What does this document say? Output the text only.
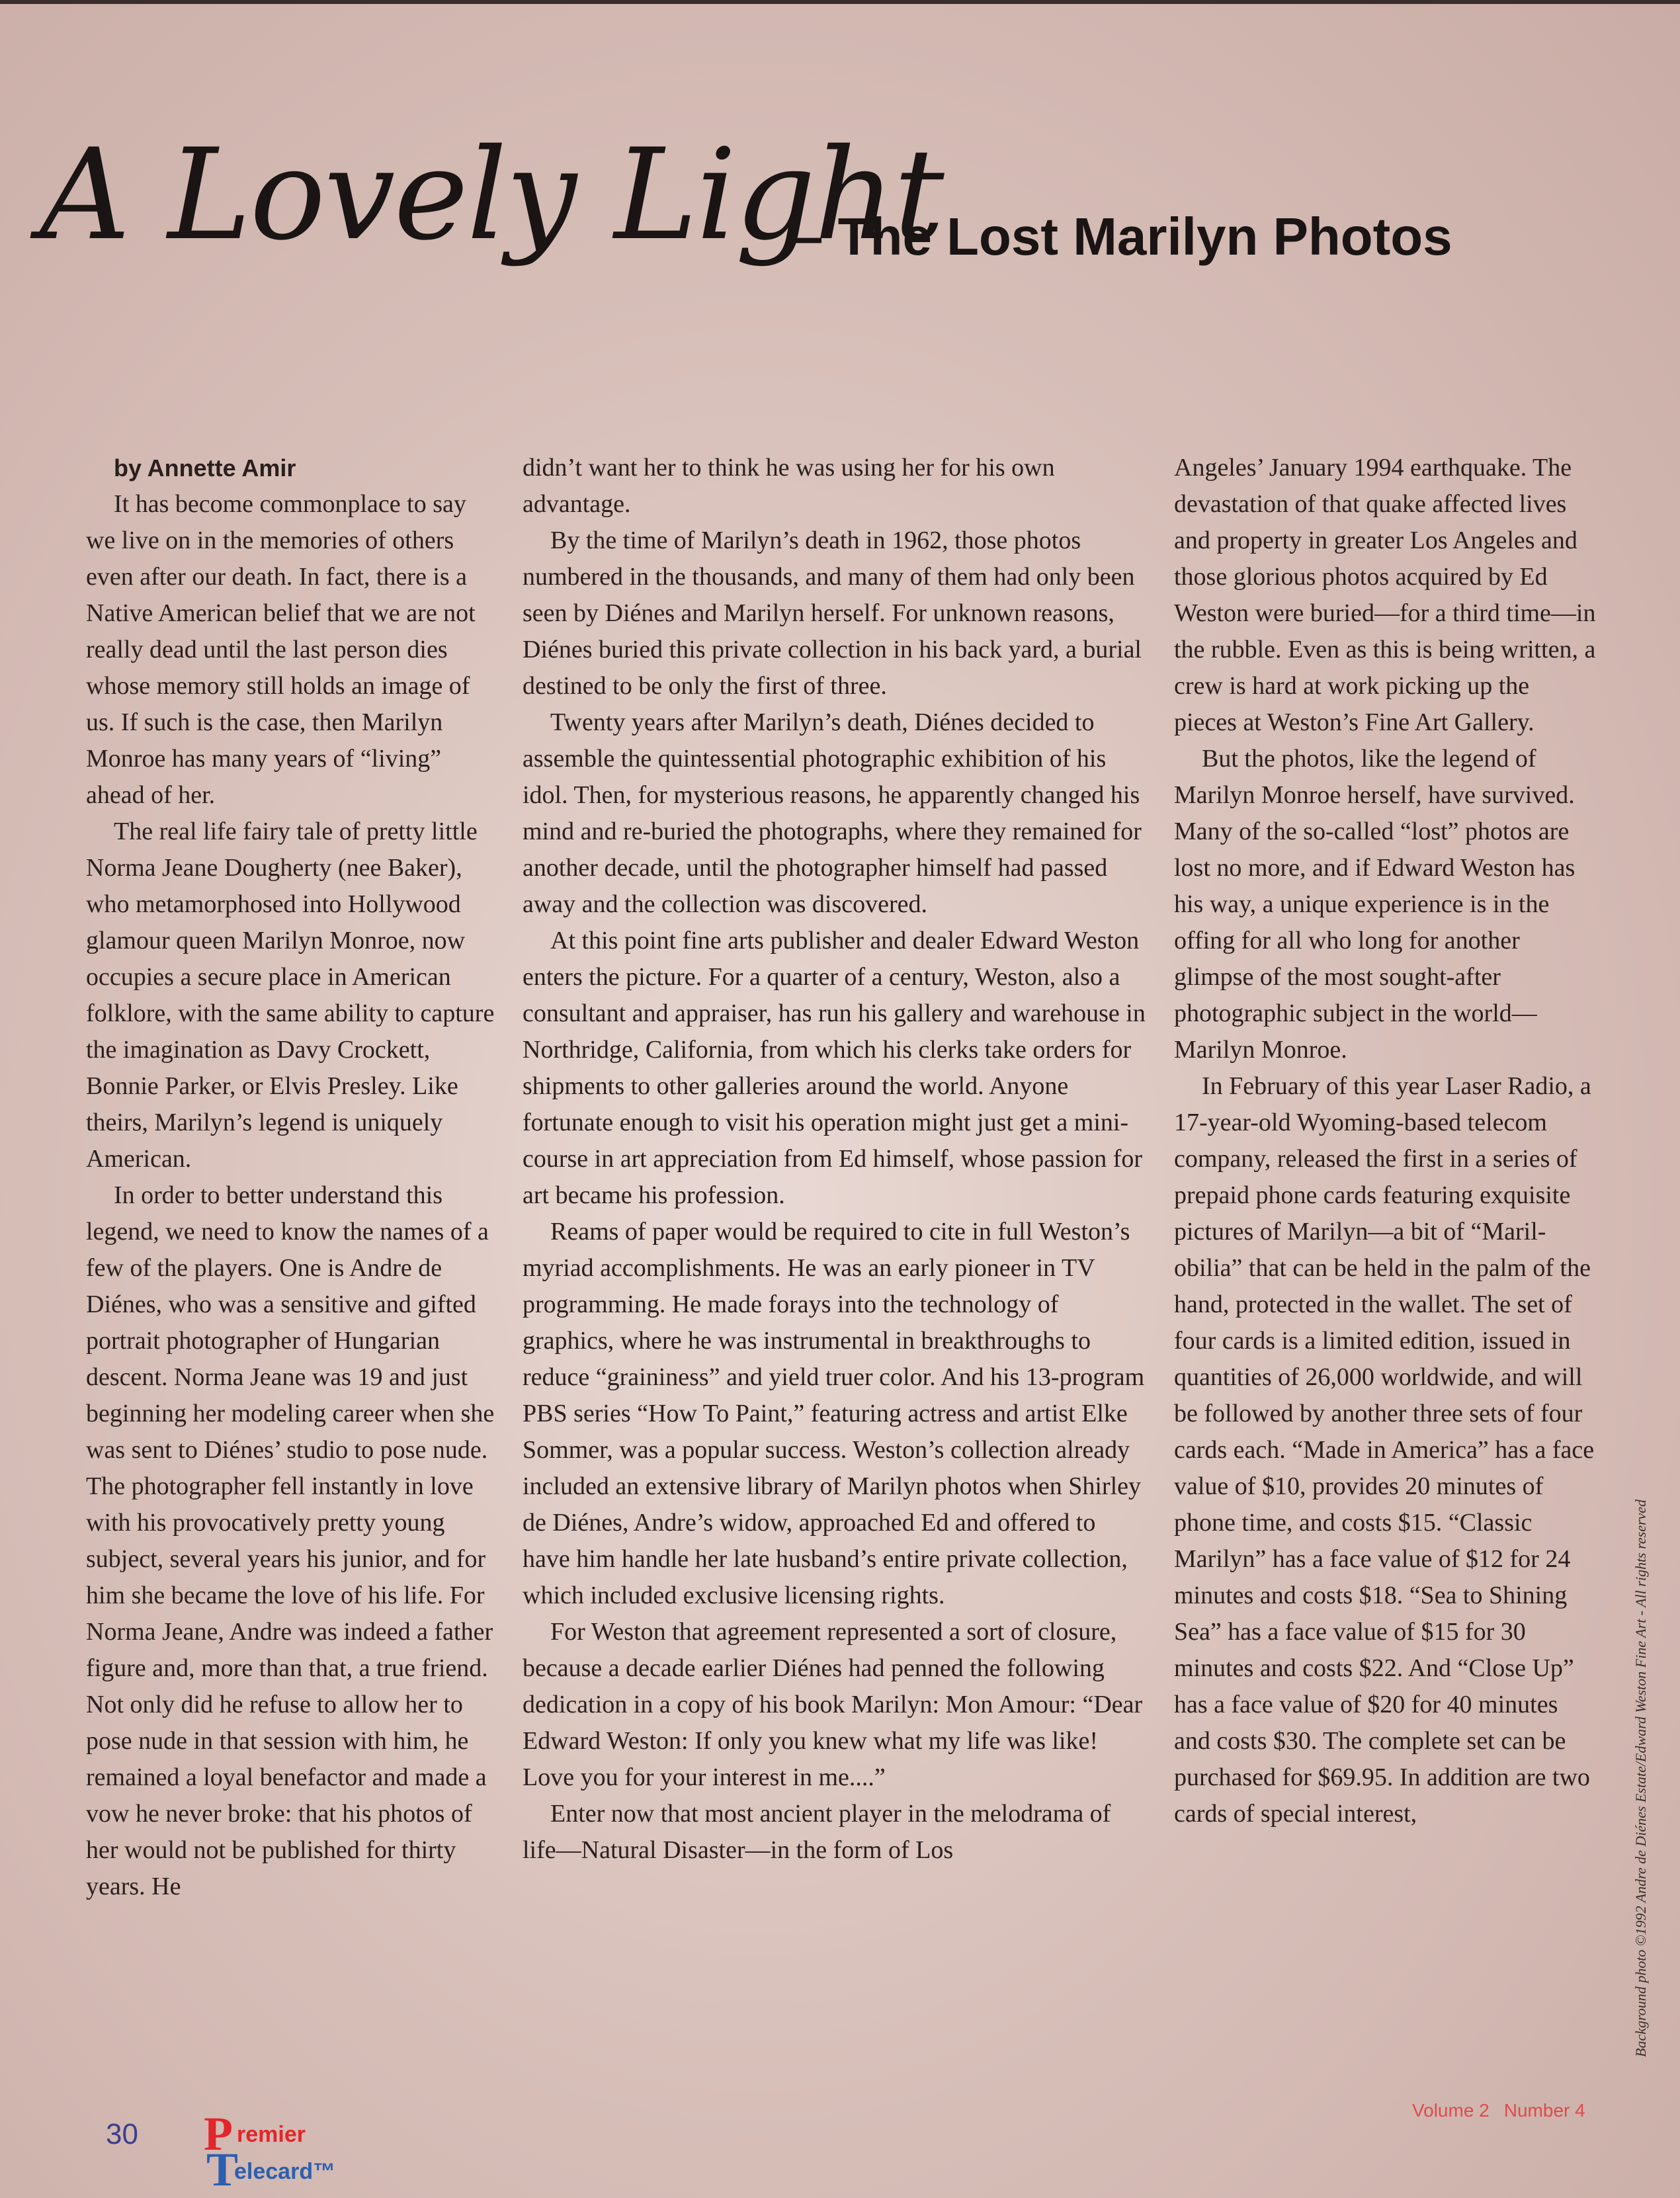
A Lovely Light
– The Lost Marilyn Photos
by Annette Amir

It has become commonplace to say we live on in the memories of others even after our death. In fact, there is a Native American belief that we are not really dead until the last person dies whose memory still holds an image of us. If such is the case, then Marilyn Monroe has many years of “living” ahead of her.

The real life fairy tale of pretty little Norma Jeane Dougherty (nee Baker), who metamorphosed into Hollywood glamour queen Marilyn Monroe, now occupies a secure place in American folklore, with the same ability to capture the imagination as Davy Crockett, Bonnie Parker, or Elvis Presley. Like theirs, Marilyn’s legend is uniquely American.

In order to better understand this legend, we need to know the names of a few of the players. One is Andre de Diénes, who was a sensitive and gifted portrait photographer of Hungarian descent. Norma Jeane was 19 and just beginning her modeling career when she was sent to Diénes’ studio to pose nude. The photographer fell instantly in love with his provocatively pretty young subject, several years his junior, and for him she became the love of his life. For Norma Jeane, Andre was indeed a father figure and, more than that, a true friend. Not only did he refuse to allow her to pose nude in that session with him, he remained a loyal benefactor and made a vow he never broke: that his photos of her would not be published for thirty years. He

didn’t want her to think he was using her for his own advantage.

By the time of Marilyn’s death in 1962, those photos numbered in the thousands, and many of them had only been seen by Diénes and Marilyn herself. For unknown reasons, Diénes buried this private collection in his back yard, a burial destined to be only the first of three.

Twenty years after Marilyn’s death, Diénes decided to assemble the quintessential photographic exhibition of his idol. Then, for mysterious reasons, he apparently changed his mind and re-buried the photographs, where they remained for another decade, until the photographer himself had passed away and the collection was discovered.

At this point fine arts publisher and dealer Edward Weston enters the picture. For a quarter of a century, Weston, also a consultant and appraiser, has run his gallery and warehouse in Northridge, California, from which his clerks take orders for shipments to other galleries around the world. Anyone fortunate enough to visit his operation might just get a mini-course in art appreciation from Ed himself, whose passion for art became his profession.

Reams of paper would be required to cite in full Weston’s myriad accomplishments. He was an early pioneer in TV programming. He made forays into the technology of graphics, where he was instrumental in breakthroughs to reduce “graininess” and yield truer color. And his 13-program PBS series “How To Paint,” featuring actress and artist Elke Sommer, was a popular success. Weston’s collection already included an extensive library of Marilyn photos when Shirley de Diénes, Andre’s widow, approached Ed and offered to have him handle her late husband’s entire private collection, which included exclusive licensing rights.

For Weston that agreement represented a sort of closure, because a decade earlier Diénes had penned the following dedication in a copy of his book Marilyn: Mon Amour: “Dear Edward Weston: If only you knew what my life was like! Love you for your interest in me....”

Enter now that most ancient player in the melodrama of life—Natural Disaster—in the form of Los

Angeles’ January 1994 earthquake. The devastation of that quake affected lives and property in greater Los Angeles and those glorious photos acquired by Ed Weston were buried—for a third time—in the rubble. Even as this is being written, a crew is hard at work picking up the pieces at Weston’s Fine Art Gallery.

But the photos, like the legend of Marilyn Monroe herself, have survived. Many of the so-called “lost” photos are lost no more, and if Edward Weston has his way, a unique experience is in the offing for all who long for another glimpse of the most sought-after photographic subject in the world—Marilyn Monroe.

In February of this year Laser Radio, a 17-year-old Wyoming-based telecom company, released the first in a series of prepaid phone cards featuring exquisite pictures of Marilyn—a bit of “Maril-obilia” that can be held in the palm of the hand, protected in the wallet. The set of four cards is a limited edition, issued in quantities of 26,000 worldwide, and will be followed by another three sets of four cards each. “Made in America” has a face value of $10, provides 20 minutes of phone time, and costs $15. “Classic Marilyn” has a face value of $12 for 24 minutes and costs $18. “Sea to Shining Sea” has a face value of $15 for 30 minutes and costs $22. And “Close Up” has a face value of $20 for 40 minutes and costs $30. The complete set can be purchased for $69.95. In addition are two cards of special interest,	Background photo ©1992 Andre de Diénes Estate/Edward Weston Fine Art - All rights reserved
30 P remier
T
elecard™
Volume 2 Number 4
